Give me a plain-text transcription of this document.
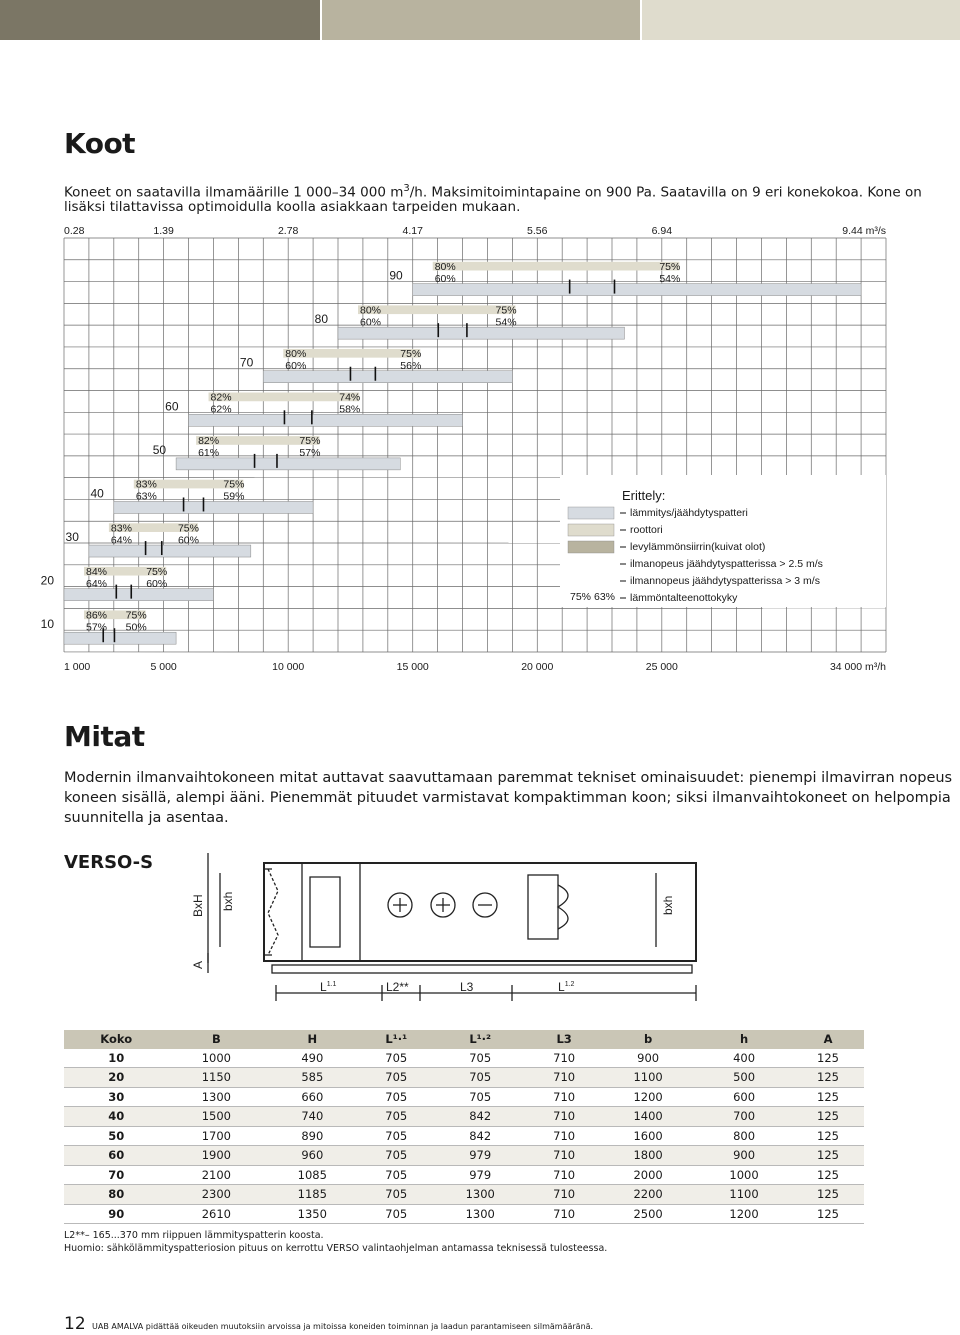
Koot

Koneet on saatavilla ilmamäärille 1 000–34 000 $m^3/h$. Maksimitoimintapaine on 900 Pa. Saatavilla on 9 eri konekokoa. Kone on

lisäksi tilattavissa optimoidulla koolla asiakkaan tarpeiden mukaan.

10
86% 75%
57% 50%
20
84%	75%
64%	60%
30
83%	75%
64%	60%
40
83%	75%
63%	59%
50
82%	75%
61%	57%
60
82%	74%
62%	58%
70
80%	75%
60%	56%
80
80%	75%
60%	54%
90
80%	75%
60%	54%
0.28	1.39	2.78	4.17	5.56	6.94	9.44 m³/s
1 000	5 000	10 000	15 000	20 000	25 000	34 000 m³/h
Erittely:
lämmitys/jäähdytyspatteri
roottori
levylämmönsiirrin(kuivat olot)
ilmanopeus jäähdytyspatterissa > 2.5 m/s
ilmannopeus jäähdytyspatterissa > 3 m/s
lämmöntalteenottokyky
75% 63%
Mitat

Modernin ilmanvaihtokoneen mitat auttavat saavuttamaan paremmat tekniset ominaisuudet: pienempi ilmavirran nopeus

koneen sisällä, alempi ääni. Pienemmät pituudet varmistavat kompaktimman koon; siksi ilmanvaihtokoneet on helpompia

suunnitella ja asentaa.

VERSO-S
BxH bxh
A
bxh
$L^{1.1}$	L2**	L3	$L^{1.2}$
Koko	B	H	L¹·¹	L¹·²	L3	b	h	A
10	1000	490	705	705	710	900	400	125
20	1150	585	705	705	710	1100	500	125
30	1300	660	705	705	710	1200	600	125
40	1500	740	705	842	710	1400	700	125
50	1700	890	705	842	710	1600	800	125
60	1900	960	705	979	710	1800	900	125
70	2100	1085	705	979	710	2000	1000	125
80	2300	1185	705	1300	710	2200	1100	125
90	2610	1350	705	1300	710	2500	1200	125
L2**– 165...370 mm riippuen lämmityspatterin koosta.
Huomio: sähkölämmityspatteriosion pituus on kerrottu VERSO valintaohjelman antamassa teknisessä tulosteessa.
12 UAB AMALVA pidättää oikeuden muutoksiin arvoissa ja mitoissa koneiden toiminnan ja laadun parantamiseen silmämääränä.
